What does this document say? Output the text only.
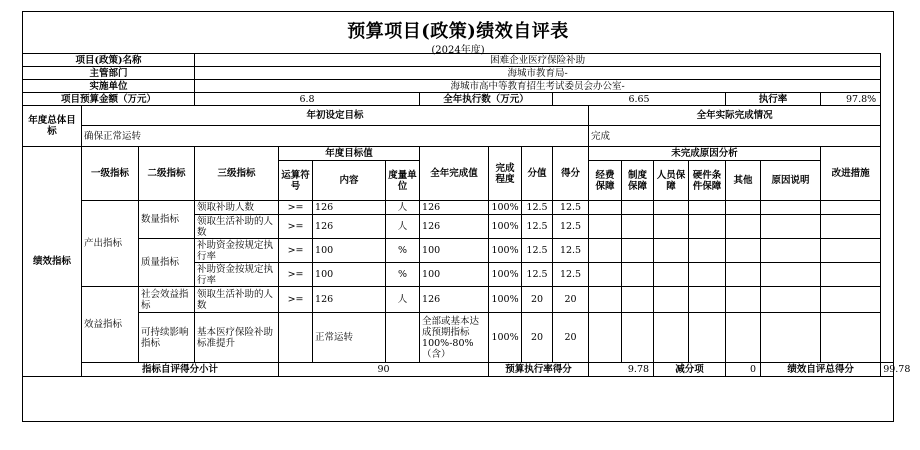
预算项目(政策)绩效自评表
(2024年度)
项目(政策)名称			困难企业医疗保险补助															
主管部门			海城市教育局-															
实施单位			海城市高中等教育招生考试委员会办公室-															
项目预算金额（万元）			6.8				全年执行数（万元）			6.65					执行率		97.8%	
年度总体目标	年初设定目标										全年实际完成情况							
	确保正常运转										完成							
绩效指标	一级指标	二级指标	三级指标	年度目标值			全年完成值	完成程度	分值	得分	未完成原因分析						改进措施	
				运算符号	内容	度量单位					经费保障	制度保障	人员保障	硬件条件保障	其他	原因说明		
	产出指标	数量指标	领取补助人数	>=	126	人	126	100%	12.5	12.5								
			领取生活补助的人数	>=	126	人	126	100%	12.5	12.5								
		质量指标	补助资金按规定执行率	>=	100	%	100	100%	12.5	12.5								
			补助资金按规定执行率	>=	100	%	100	100%	12.5	12.5								
	效益指标	社会效益指标	领取生活补助的人数	>=	126	人	126	100%	20	20								
		可持续影响指标	基本医疗保险补助标准提升		正常运转		全部或基本达成预期指标100%-80%（含）	100%	20	20								
	指标自评得分小计			90				预算执行率得分			9.78		减分项		0	绩效自评总得分		99.78
